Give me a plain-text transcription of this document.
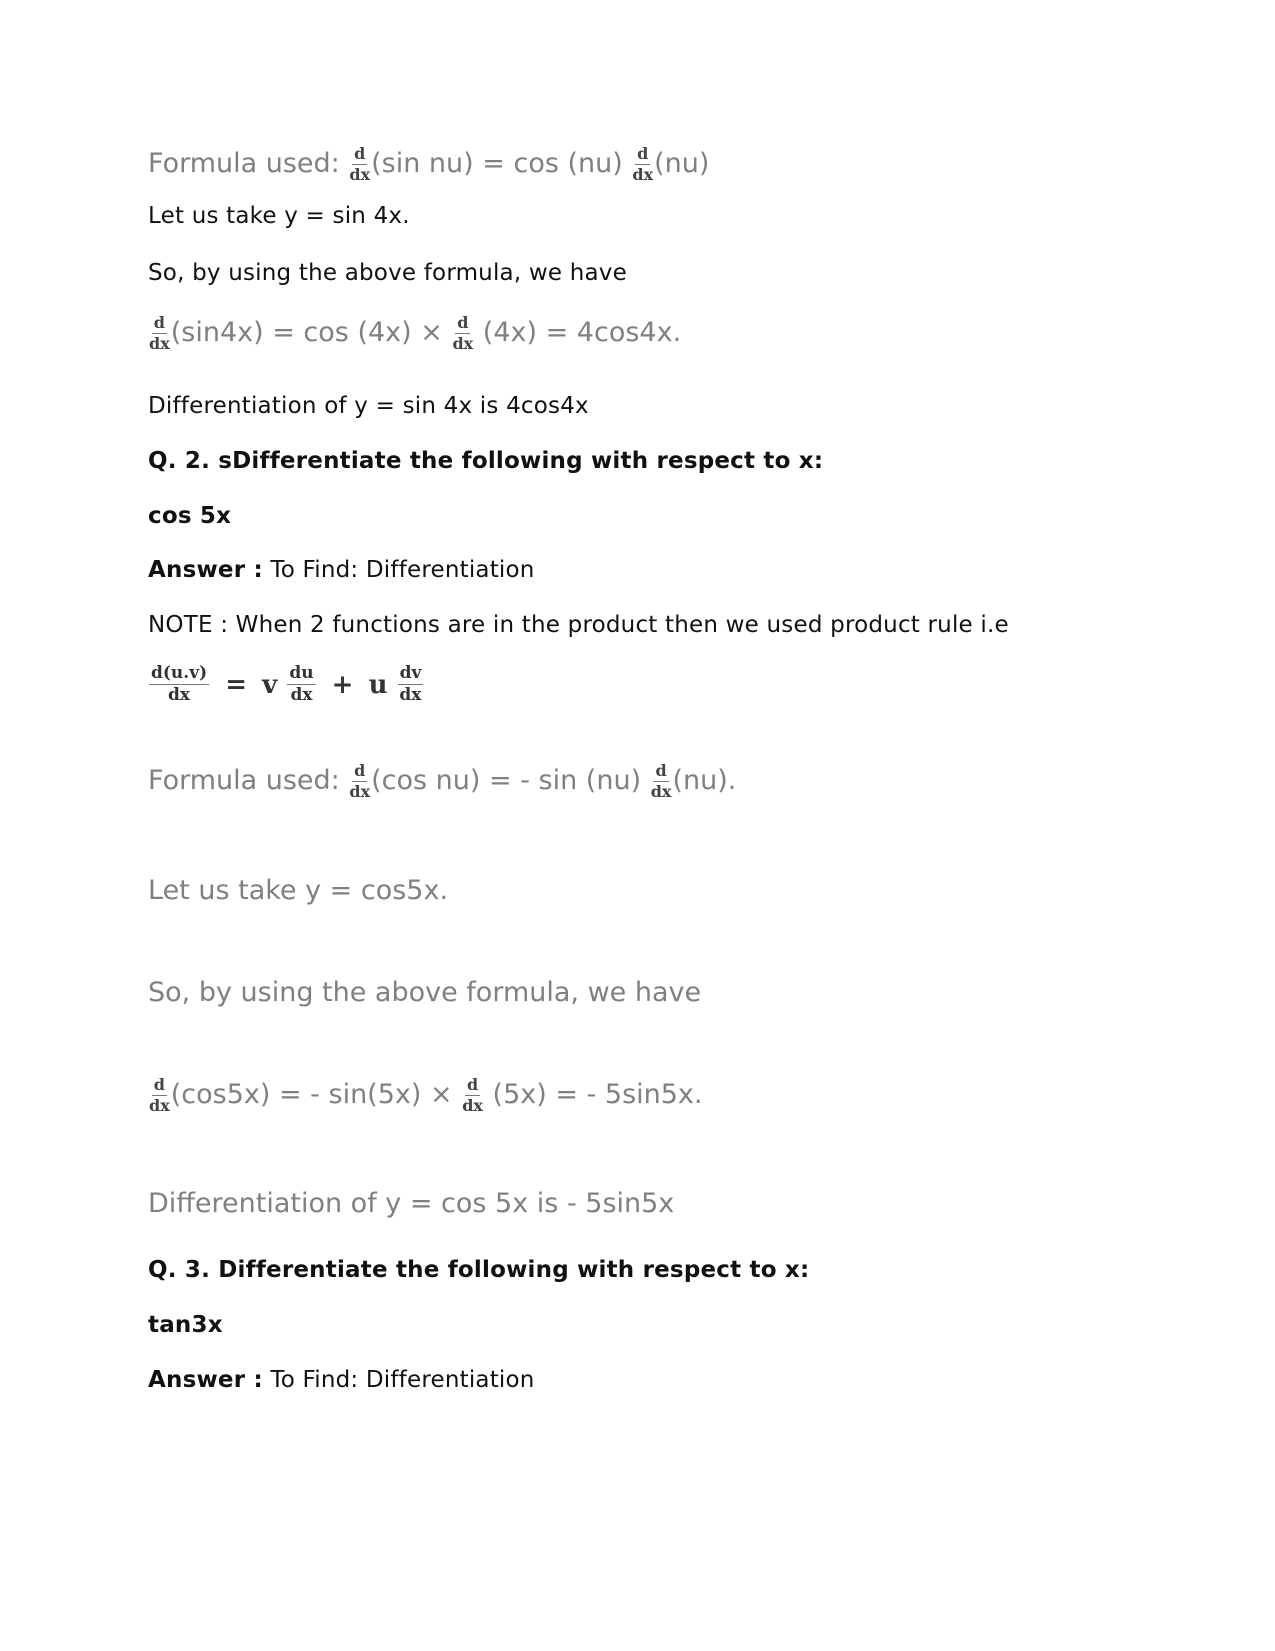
Formula used: $\frac{d}{dx} (\sin$ $nu) = \cos (nu) \frac{d}{dx} (nu)$
Let us take y = sin 4x.
So, by using the above formula, we have
$\frac{d}{dx} (\sin 4x) = \cos (4x) \times \frac{d}{dx} (4x) = 4\cos 4x$.
Differentiation of y = sin 4x is 4cos4x
Q. 2. sDifferentiate the following with respect to x:
cos 5x
Answer : To Find: Differentiation
NOTE : When 2 functions are in the product then we used product rule i.e
$\frac{d(u.v)}{dx} = v \frac{du}{dx} + u \frac{dv}{dx}$
Formula used: $\frac{d}{dx} (\cos$ nu) = - $\sin (nu) \frac{d}{dx} (nu)$.
Let us take y = cos5x.
So, by using the above formula, we have
$\frac{d}{dx} (\cos 5x)$ = - $\sin(5x) \times \frac{d}{dx} (5x)$ = - 5sin5x.
Differentiation of y = cos 5x is - 5sin5x
Q. 3. Differentiate the following with respect to x:
tan3x
Answer : To Find: Differentiation
